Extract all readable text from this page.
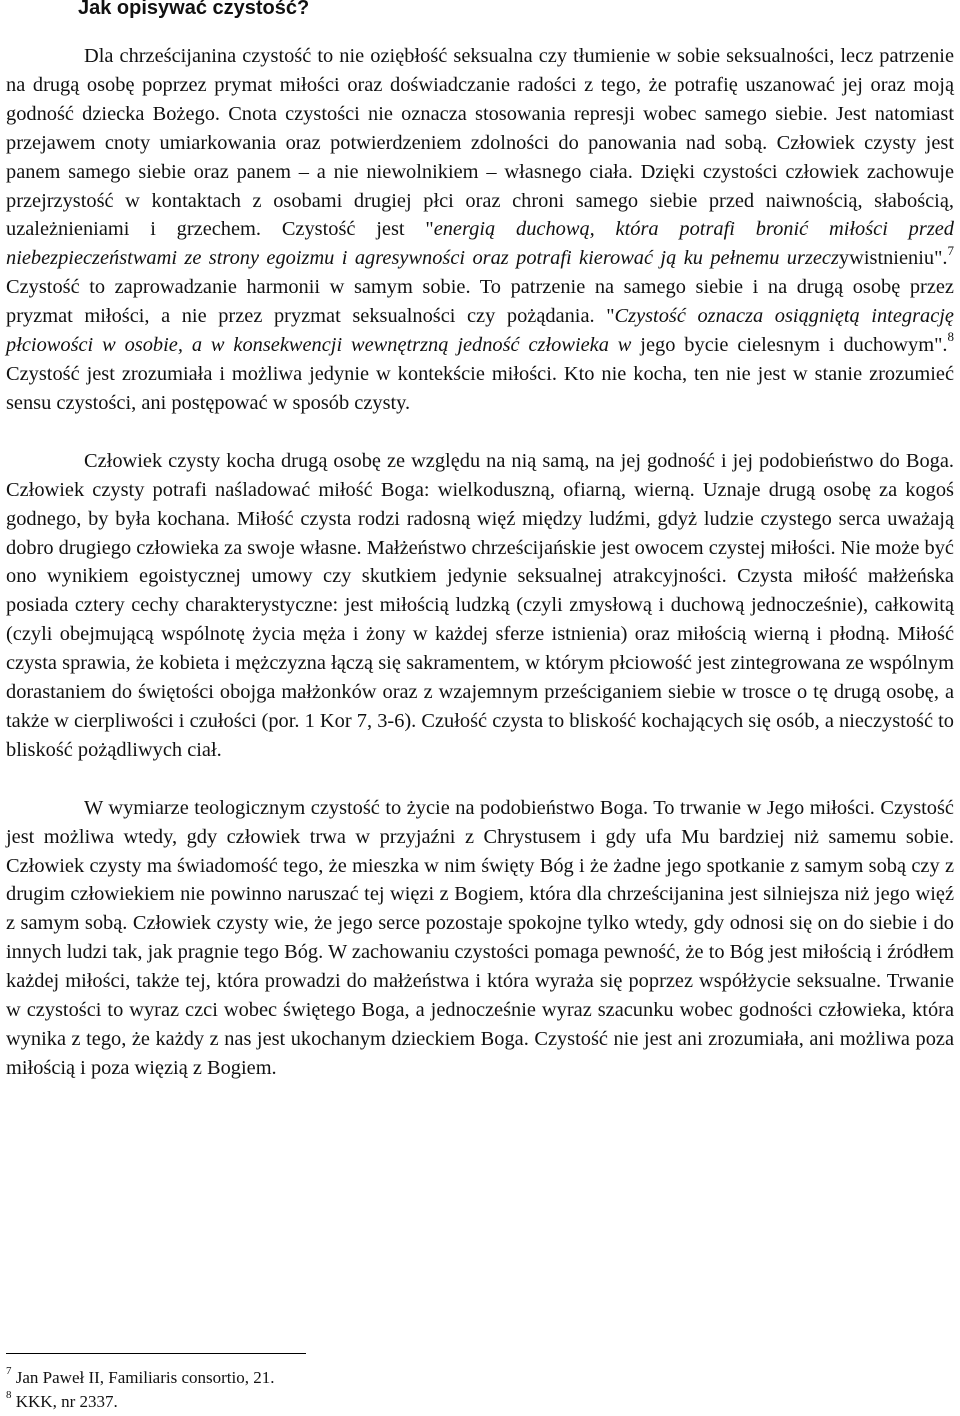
Jak opisywać czystość?

Dla chrześcijanina czystość to nie oziębłość seksualna czy tłumienie w sobie seksualności, lecz patrzenie na drugą osobę poprzez prymat miłości oraz doświadczanie radości z tego, że potrafię uszanować jej oraz moją godność dziecka Bożego. Cnota czystości nie oznacza stosowania represji wobec samego siebie. Jest natomiast przejawem cnoty umiarkowania oraz potwierdzeniem zdolności do panowania nad sobą. Człowiek czysty jest panem samego siebie oraz panem – a nie niewolnikiem – własnego ciała. Dzięki czystości człowiek zachowuje przejrzystość w kontaktach z osobami drugiej płci oraz chroni samego siebie przed naiwnością, słabością, uzależnieniami i grzechem. Czystość jest "energią duchową, która potrafi bronić miłości przed niebezpieczeństwami ze strony egoizmu i agresywności oraz potrafi kierować ją ku pełnemu urzeczywistnieniu".$^7$ Czystość to zaprowadzanie harmonii w samym sobie. To patrzenie na samego siebie i na drugą osobę przez pryzmat miłości, a nie przez pryzmat seksualności czy pożądania. "Czystość oznacza osiągniętą integrację płciowości w osobie, a w konsekwencji wewnętrzną jedność człowieka w jego bycie cielesnym i duchowym".$^8$ Czystość jest zrozumiała i możliwa jedynie w kontekście miłości. Kto nie kocha, ten nie jest w stanie zrozumieć sensu czystości, ani postępować w sposób czysty.

Człowiek czysty kocha drugą osobę ze względu na nią samą, na jej godność i jej podobieństwo do Boga. Człowiek czysty potrafi naśladować miłość Boga: wielkoduszną, ofiarną, wierną. Uznaje drugą osobę za kogoś godnego, by była kochana. Miłość czysta rodzi radosną więź między ludźmi, gdyż ludzie czystego serca uważają dobro drugiego człowieka za swoje własne. Małżeństwo chrześcijańskie jest owocem czystej miłości. Nie może być ono wynikiem egoistycznej umowy czy skutkiem jedynie seksualnej atrakcyjności. Czysta miłość małżeńska posiada cztery cechy charakterystyczne: jest miłością ludzką (czyli zmysłową i duchową jednocześnie), całkowitą (czyli obejmującą wspólnotę życia męża i żony w każdej sferze istnienia) oraz miłością wierną i płodną. Miłość czysta sprawia, że kobieta i mężczyzna łączą się sakramentem, w którym płciowość jest zintegrowana ze wspólnym dorastaniem do świętości obojga małżonków oraz z wzajemnym prześciganiem siebie w trosce o tę drugą osobę, a także w cierpliwości i czułości (por. 1 Kor 7, 3-6). Czułość czysta to bliskość kochających się osób, a nieczystość to bliskość pożądliwych ciał.

W wymiarze teologicznym czystość to życie na podobieństwo Boga. To trwanie w Jego miłości. Czystość jest możliwa wtedy, gdy człowiek trwa w przyjaźni z Chrystusem i gdy ufa Mu bardziej niż samemu sobie. Człowiek czysty ma świadomość tego, że mieszka w nim święty Bóg i że żadne jego spotkanie z samym sobą czy z drugim człowiekiem nie powinno naruszać tej więzi z Bogiem, która dla chrześcijanina jest silniejsza niż jego więź z samym sobą. Człowiek czysty wie, że jego serce pozostaje spokojne tylko wtedy, gdy odnosi się on do siebie i do innych ludzi tak, jak pragnie tego Bóg. W zachowaniu czystości pomaga pewność, że to Bóg jest miłością i źródłem każdej miłości, także tej, która prowadzi do małżeństwa i która wyraża się poprzez współżycie seksualne. Trwanie w czystości to wyraz czci wobec świętego Boga, a jednocześnie wyraz szacunku wobec godności człowieka, która wynika z tego, że każdy z nas jest ukochanym dzieckiem Boga. Czystość nie jest ani zrozumiała, ani możliwa poza miłością i poza więzią z Bogiem.

$^7$ Jan Paweł II, Familiaris consortio, 21.
$^8$ KKK, nr 2337.
